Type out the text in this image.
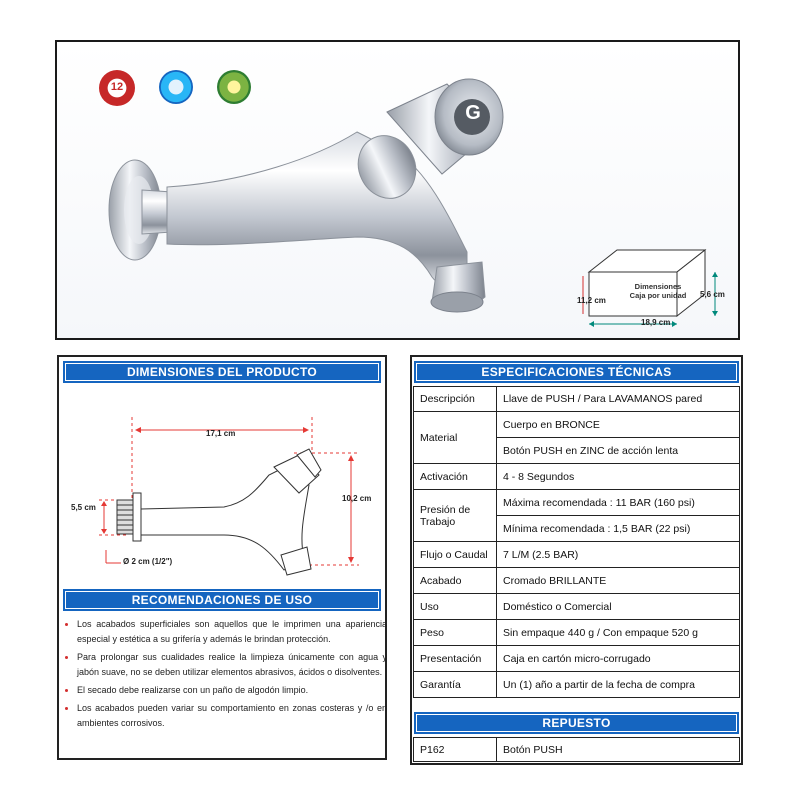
12
G
Dimensiones
Caja por unidad
11,2 cm
18,9 cm
5,6 cm
DIMENSIONES DEL PRODUCTO
17,1 cm
10,2 cm
5,5 cm
Ø 2 cm (1/2")
RECOMENDACIONES DE USO
• Los acabados superficiales son aquellos que le imprimen una apariencia especial y estética a su grifería y además le brindan protección.
• Para prolongar sus cualidades realice la limpieza únicamente con agua y jabón suave, no se deben utilizar elementos abrasivos, ácidos o disolventes.
• El secado debe realizarse con un paño de algodón limpio.
• Los acabados pueden variar su comportamiento en zonas costeras y /o en ambientes corrosivos.
ESPECIFICACIONES TÉCNICAS
Descripción	Llave de PUSH / Para LAVAMANOS pared
Material	Cuerpo en BRONCE
	Botón PUSH en ZINC de acción lenta
Activación	4 - 8 Segundos
Presión de Trabajo	Máxima recomendada : 11 BAR (160 psi)
	Mínima recomendada : 1,5 BAR (22 psi)
Flujo o Caudal	7 L/M (2.5 BAR)
Acabado	Cromado BRILLANTE
Uso	Doméstico o Comercial
Peso	Sin empaque 440 g / Con empaque 520 g
Presentación	Caja en cartón micro-corrugado
Garantía	Un (1) año a partir de la fecha de compra
REPUESTO
P162	Botón PUSH
